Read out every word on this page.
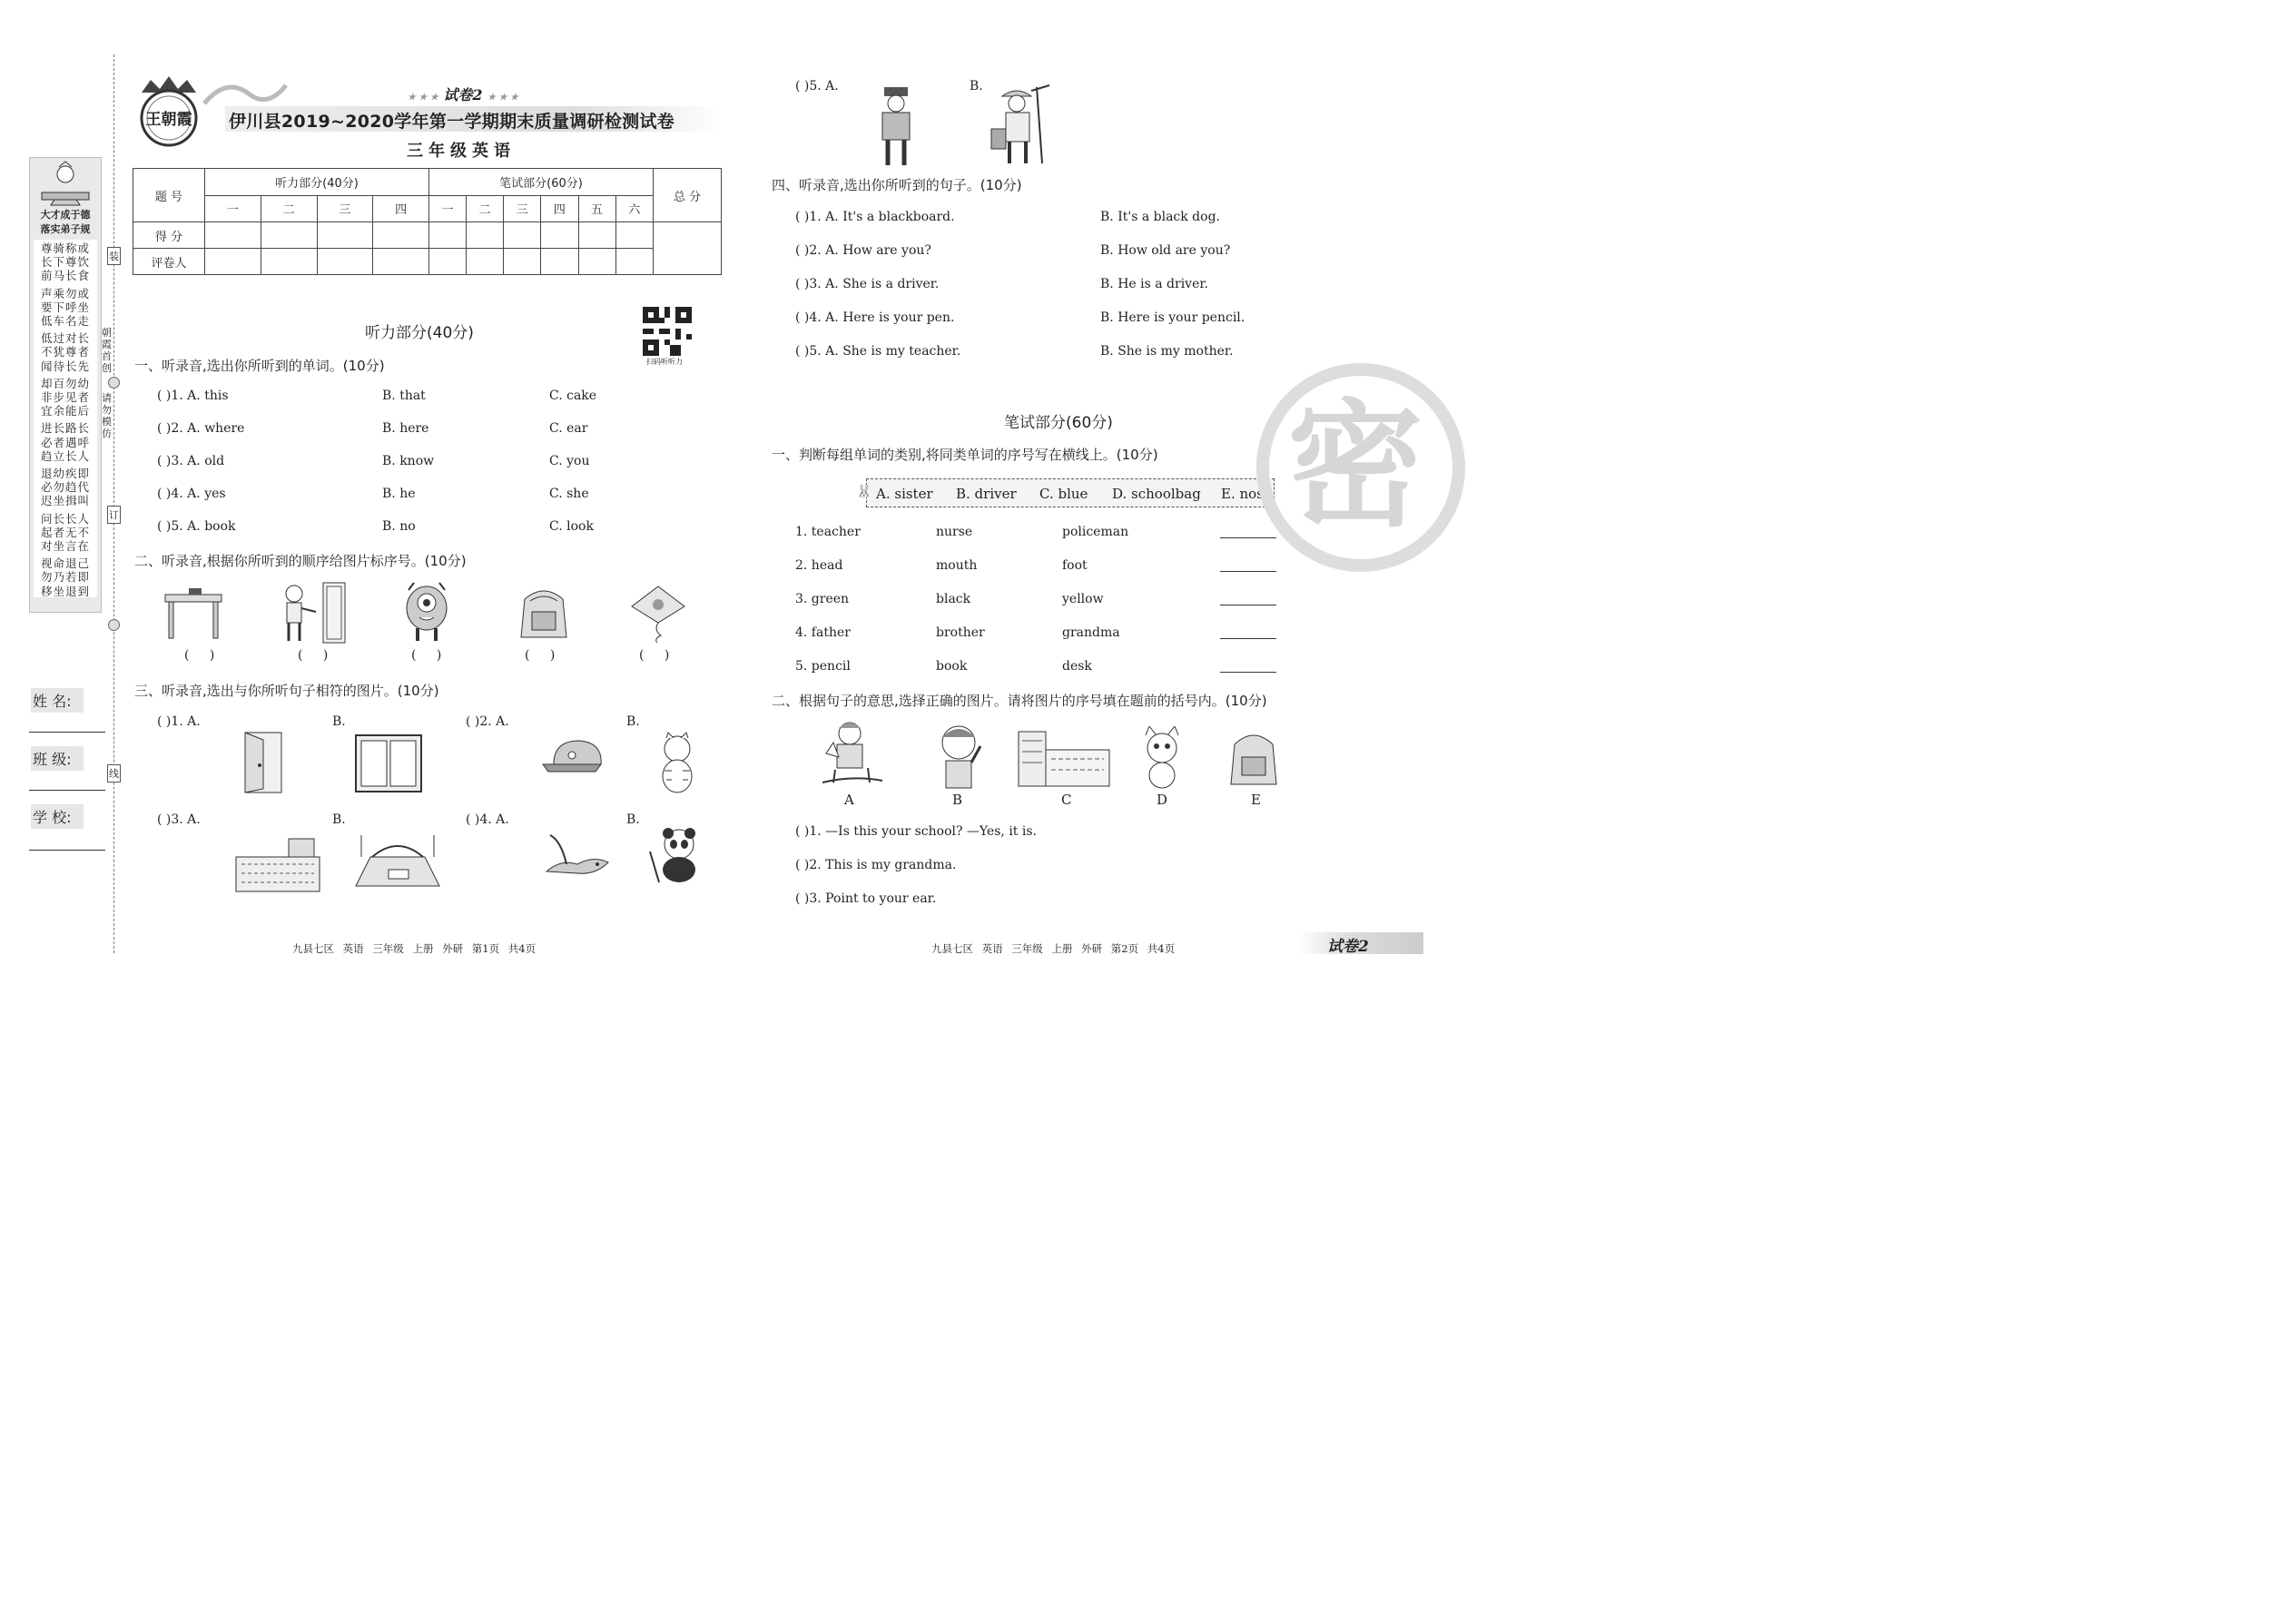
大才成于德
落实弟子规
尊骑称或
长下尊饮
前马长食
声乘勿或
要下呼坐
低车名走
低过对长
不犹尊者
闻待长先
却百勿幼
非步见者
宜余能后
进长路长
必者遇呼
趋立长人
退幼疾即
必勿趋代
迟坐揖叫
问长长人
起者无不
对坐言在
视命退己
勿乃若即
移坐退到
装
订
线
朝霞首创
请勿模仿
姓 名:
班 级:
学 校:
王朝霞
★ ★ ★ 试卷2 ★ ★ ★
伊川县2019~2020学年第一学期期末质量调研检测试卷
三年级英语
题 号	听力部分(40分)				笔试部分(60分)						总 分
	一	二	三	四	一	二	三	四	五	六	
得 分											
评卷人											
听力部分(40分)
扫码听听力
一、听录音,选出你所听到的单词。(10分)
( )1. A. this	B. that	C. cake
( )2. A. where	B. here	C. ear
( )3. A. old	B. know	C. you
( )4. A. yes	B. he	C. she
( )5. A. book	B. no	C. look
二、听录音,根据你所听到的顺序给图片标序号。(10分)
( )	( )	( )	( )	( )
三、听录音,选出与你所听句子相符的图片。(10分)
( )1. A.	B.	( )2. A.	B.
( )3. A.	B.	( )4. A.	B.
( )5. A.	B.
四、听录音,选出你所听到的句子。(10分)
( )1. A. It's a blackboard.	B. It's a black dog.
( )2. A. How are you?	B. How old are you?
( )3. A. She is a driver.	B. He is a driver.
( )4. A. Here is your pen.	B. Here is your pencil.
( )5. A. She is my teacher.	B. She is my mother.
笔试部分(60分)
一、判断每组单词的类别,将同类单词的序号写在横线上。(10分)
🐰 A. sister B. driver C. blue D. schoolbag E. nose
1. teacher	nurse	policeman
2. head	mouth	foot
3. green	black	yellow
4. father	brother	grandma
5. pencil	book	desk
二、根据句子的意思,选择正确的图片。请将图片的序号填在题前的括号内。(10分)
A	B	C	D	E
( )1. —Is this your school? —Yes, it is.
( )2. This is my grandma.
( )3. Point to your ear.
密
九县七区 英语 三年级 上册 外研 第1页 共4页	九县七区 英语 三年级 上册 外研 第2页 共4页	试卷2
